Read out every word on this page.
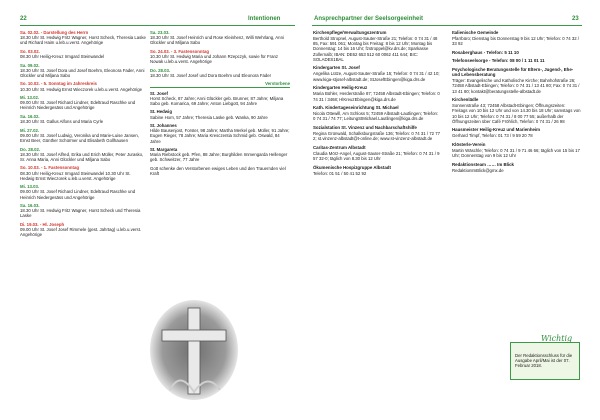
22	Intentionen	Ansprechpartner der Seelsorgeeinheit	23

Sa. 02.02. - Darstellung des Herrn
18.30 Uhr St. Hedwig Fritz Wagner, Horst Scheck, Theresia Laske und Richard Haim u.leb.u.verst. Angehörige

So. 03.02.
08.30 Uhr Heilig-Kreuz Irmgard Steinwandel

Sa. 09.02.
18.30 Uhr St. Josef Dora und Josef Boehm, Eleonora Fader, Anni Glückler und Miljana Sabo

So. 10.02. - 5. Sonntag im Jahreskreis
10.30 Uhr St. Hedwig Ernst Wieczorek u.leb.u.verst. Angehörige

Mi. 13.02.
09.00 Uhr St. Josef Richard Lindner, Edeltraud Raschke und Heinrich Niedergesäss und Angehörige

Sa. 16.02.
18.30 Uhr St. Gallus Alfons und Maria Cyrle

Mi. 27.02.
09.00 Uhr St. Josef Ludwig, Veronika und Marie-Luise Jansen, Ernst Beer, Günther Schürmer und Elisabeth Gollhausen

Do. 28.02.
18.30 Uhr St. Josef Alfred, Erika und Erich Müller, Peter Jurasko, Sr. Anna Maria, Anni Glückler und Miljana Sabo

So. 10.03. - 1. Fastensonntag
08.30 Uhr Heilig-Kreuz Irmgard Steinwandel 10.30 Uhr St. Hedwig Ernst Wieczorek u.leb.u.verst. Angehörige

Mi. 13.03.
09.00 Uhr St. Josef Richard Lindner, Edeltraud Raschke und Heinrich Niedergesäss und Angehörige

Sa. 16.03.
18.30 Uhr St. Hedwig Fritz Wagner, Horst Scheck und Theresia Laske

Di. 19.03. - Hl. Joseph
09.00 Uhr St. Josef Josef Rimmele (gest. Jahrtag) u.leb.u.verst. Angehörige

Sa. 23.03.
18.30 Uhr St. Josef Heinrich und Rose Kleinhenz, Willi Wehrlang, Anni Glückler und Miljana Sabo

So. 24.03. - 3. Fastensonntag
10.30 Uhr St. Hedwig Maria und Johann Rzepczyk, sowie für Franz Nowak u.leb.u.verst. Angehörige

Do. 28.03.
18.30 Uhr St. Josef Josef und Dora Boehm und Eleonora Fader

Verstorbene

St. Josef
Horst Scheck, 87 Jahre; Anni Glückler geb. Brunner, 87 Jahre; Miljana Sabo geb. Komarica, 69 Jahre; Anton Liebgott, 94 Jahre

St. Hedwig
Sabine Horn, 57 Jahre; Theresia Laske geb. Wanka, 90 Jahre

St. Johannes
Hilde Bausenjost, Forster, 98 Jahre; Martha Merkel geb. Müller, 91 Jahre; Eugen Rieger, 78 Jahre; Maria Kresczentia Schmid geb. Oswald, 84 Jahre

St. Margareta
Maria Riebstock geb. Pfen, 88 Jahre; Burghilden Immengarda Hellenger geb. Schweitzer, 77 Jahre

Gott schenke den Verstorbenen ewiges Leben und den Trauernden viel Kraft

Kirchenpflege/Verwaltungszentrum
Berthold Stropnel, August-Sauter-Straße 21; Telefon: 0 74 31 / 48 85, Fax: 591 061; Montag bis Freitag: 8 bis 12 Uhr; Montag bis Donnerstag: 14 bis 16 Uhr; fzstroppel@kv.drs.de; Sparkasse Zollernalb; IBAN: DE62 653 512 60 0062 411 644; BIC: SOLADES1BAL

Kindergarten St. Josef
Angelika Lütze, August-Sauter-Straße 15; Telefon: 0 74 31 / 42 10; www.kiga-stjosef-albstadt.de; StJosefEbingen@kiga.drs.de

Kindergarten Heilig-Kreuz
Maria Bühler, Herderstraße 87; 72458 Albstadt-Ebingen; Telefon: 0 74 31 / 3468; HlKreuzEbingen@kiga.drs.de

Kath. Kindertageseinrichtung St. Michael
Nicola Ottewill, Am Schloss 5; 72459 Albstadt-Lautlingen; Telefon: 0 74 31 / 74 77; LeitungStMichael.Lautlingen@kiga.drs.de

Sozialstation St. Vinzenz und Nachbarschaftshilfe
Regina Grünwald, Schalksburgstraße 136; Telefon: 0 74 31 / 72 77 2; st.vinzenz-albstadt@t-online.de; www.st-vinzenz-albstadt.de

Caritas-Zentrum Albstadt
Claudia Mörz-Angel, August-Sauter-Straße 21; Telefon: 0 74 31 / 9 57 32-0; täglich von 8.30 bis 12 Uhr

Ökumenische Hospizgruppe Albstadt
Telefon: 01 51 / 50 41 52 92

Italienische Gemeinde
Pfarrbüro; Dienstag bis Donnerstag 9 bis 12 Uhr; Telefon: 0 74 32 / 33 92

Rosaberghaus - Telefon: 5 11 10

Telefonseelsorge - Telefon: 08 00 / 1 11 01 11

Psychologische Beratungsstelle für Eltern-, Jugend-, Ehe- und Lebensberatung
Träger: Evangelische und Katholische Kirche; Bahnhofstraße 26; 72458 Albstadt-Ebingen; Telefon: 0 74 31 / 13 41 80; Fax: 0 74 31 / 13 41 80; kontakt@beratungsstelle-albstadt.de

Kirchenlädle
Sonnenstraße 43; 72458 Albstadt-Ebingen; Öffnungszeiten: Freitags von 10 bis 12 Uhr und von 14.30 bis 18 Uhr; samstags von 10 bis 12 Uhr; Telefon: 0 74 31 / 8 00 77 55; außerhalb der Öffnungszeiten über Café Fröhlich, Telefon: 0 74 31 / 26 98

Hausmeister Heilig-Kreuz und Marienheim
Gerhard Timpf, Telefon: 01 73 / 9 59 20 78

Klösterle-Verein
Martin Wäschle; Telefon: 0 74 31 / 9 71 46 66; täglich von 15 bis 17 Uhr; Donnerstag von 9 bis 12 Uhr

Redaktionsteam …… Im Blick
RedaktionImBlick@gmx.de

Wichtig
Der Redaktionsschluss für die Ausgabe April/Mai ist der 07. Februar 2018.
